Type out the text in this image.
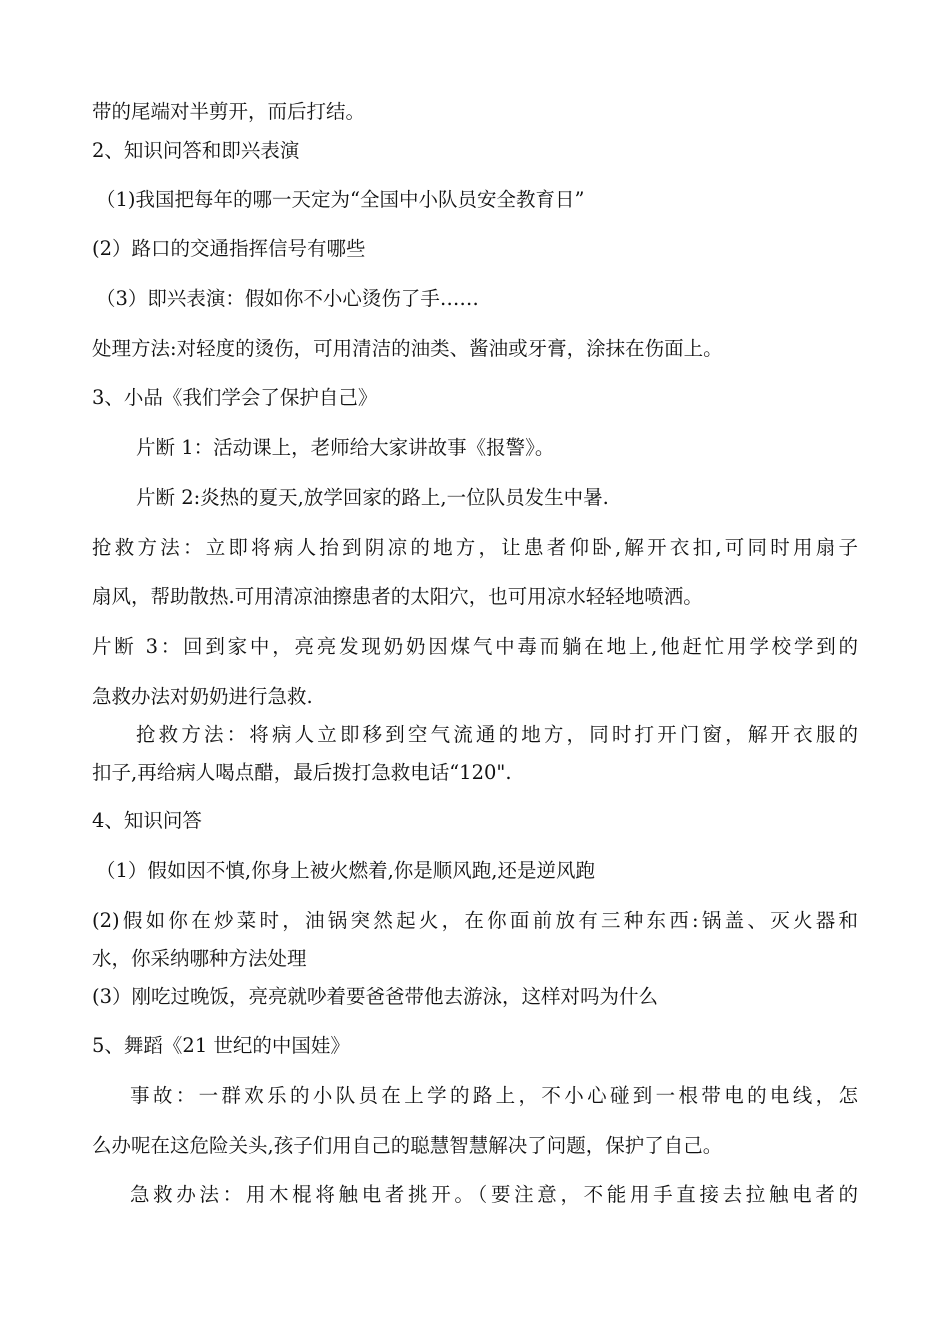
带的尾端对半剪开，而后打结。
2、知识问答和即兴表演
（1)我国把每年的哪一天定为“全国中小队员安全教育日”
(2）路口的交通指挥信号有哪些
（3）即兴表演：假如你不小心烫伤了手……
处理方法:对轻度的烫伤，可用清洁的油类、酱油或牙膏，涂抹在伤面上。
3、小品《我们学会了保护自己》
片断 1：活动课上，老师给大家讲故事《报警》。
片断 2:炎热的夏天,放学回家的路上,一位队员发生中暑.
抢救方法：立即将病人抬到阴凉的地方，让患者仰卧,解开衣扣,可同时用扇子
扇风，帮助散热.可用清凉油擦患者的太阳穴，也可用凉水轻轻地喷洒。
片断 3：回到家中，亮亮发现奶奶因煤气中毒而躺在地上,他赶忙用学校学到的
急救办法对奶奶进行急救.
抢救方法：将病人立即移到空气流通的地方，同时打开门窗，解开衣服的
扣子,再给病人喝点醋，最后拨打急救电话“120".
4、知识问答
（1）假如因不慎,你身上被火燃着,你是顺风跑,还是逆风跑
(2)假如你在炒菜时，油锅突然起火，在你面前放有三种东西:锅盖、灭火器和
水，你采纳哪种方法处理
(3）刚吃过晚饭，亮亮就吵着要爸爸带他去游泳，这样对吗为什么
5、舞蹈《21 世纪的中国娃》
事故：一群欢乐的小队员在上学的路上，不小心碰到一根带电的电线，怎
么办呢在这危险关头,孩子们用自己的聪慧智慧解决了问题，保护了自己。
急救办法：用木棍将触电者挑开。（要注意，不能用手直接去拉触电者的
